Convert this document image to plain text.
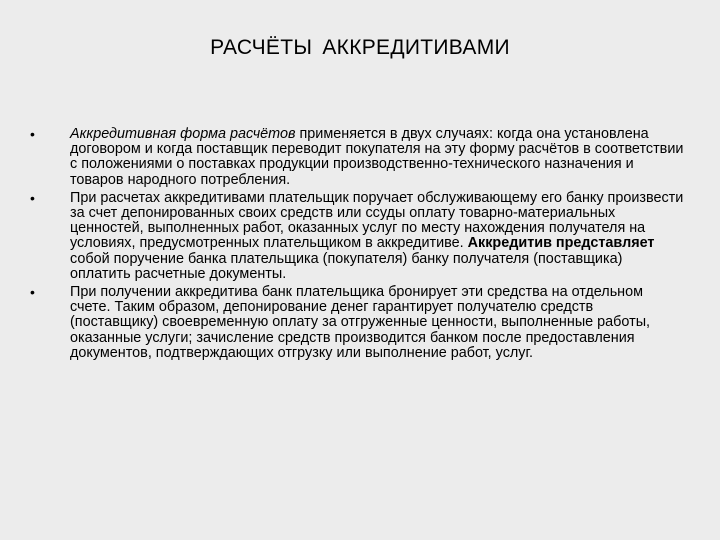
РАСЧЁТЫ АККРЕДИТИВАМИ
•	Аккредитивная форма расчётов применяется в двух случаях: когда она установлена договором и когда поставщик переводит покупателя на эту форму расчётов в соответствии с положениями о поставках продукции производственно-технического назначения и товаров народного потребления.
•	При расчетах аккредитивами плательщик поручает обслуживающему его банку произвести за счет депонированных своих средств или ссуды оплату товарно-материальных ценностей, выполненных работ, оказанных услуг по месту нахождения получателя на условиях, предусмотренных плательщиком в аккредитиве. Аккредитив представляет собой поручение банка плательщика (покупателя) банку получателя (поставщика) оплатить расчетные документы.
•	При получении аккредитива банк плательщика бронирует эти средства на отдельном счете. Таким образом, депонирование денег гарантирует получателю средств (поставщику) своевременную оплату за отгруженные ценности, выполненные работы, оказанные услуги; зачисление средств производится банком после предоставления документов, подтверждающих отгрузку или выполнение работ, услуг.
